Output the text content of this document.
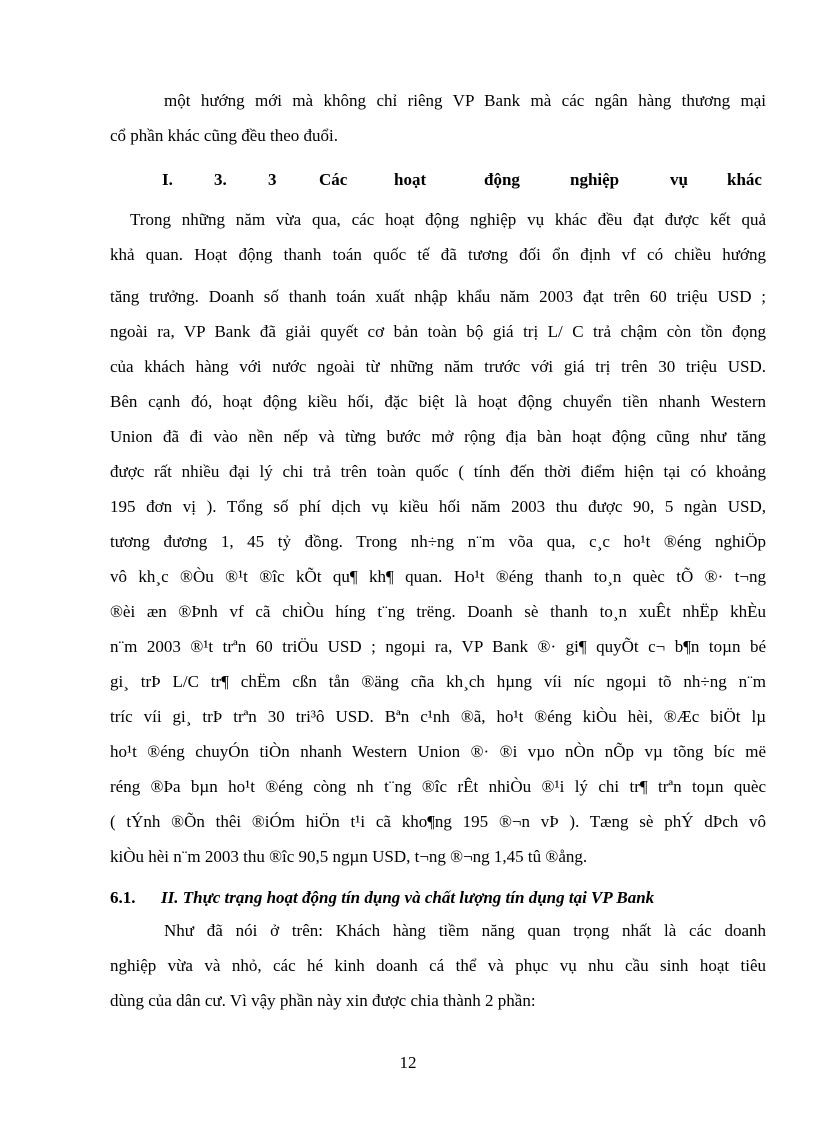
một hướng mới mà không chỉ riêng VP Bank mà các ngân hàng thương mại
cổ phần khác cũng đều theo đuổi.
I. 3. 3	Các	hoạt	động	nghiệp	vụ khác
Trong những năm vừa qua, các hoạt động nghiệp vụ khác đều đạt được kết quả
khả quan. Hoạt động thanh toán quốc tế đã tương đối ổn định vf có chiều hướng
tăng trưởng. Doanh số thanh toán xuất nhập khẩu năm 2003 đạt trên 60 triệu USD ;
ngoài ra, VP Bank đã giải quyết cơ bản toàn bộ giá trị L/ C trả chậm còn tồn đọng
của khách hàng với nước ngoài từ những năm trước với giá trị trên 30 triệu USD.
Bên cạnh đó, hoạt động kiều hối, đặc biệt là hoạt động chuyển tiền nhanh Western
Union đã đi vào nền nếp và từng bước mở rộng địa bàn hoạt động cũng như tăng
được rất nhiều đại lý chi trả trên toàn quốc ( tính đến thời điểm hiện tại có khoảng
195 đơn vị ). Tổng số phí dịch vụ kiều hối năm 2003 thu được 90, 5 ngàn USD,
tương đương 1, 45 tỷ đồng. Trong nh÷ng n¨m võa qua, c¸c ho¹t ®éng nghiÖp
vô kh¸c ®Òu ®¹t ®îc kÕt qu¶ kh¶ quan. Ho¹t ®éng thanh to¸n quèc tÕ ®· t¬ng
®èi æn ®Þnh vf cã chiÒu híng t¨ng trëng. Doanh sè thanh to¸n xuÊt nhËp khÈu
n¨m 2003 ®¹t trªn 60 triÖu USD ; ngoµi ra, VP Bank ®· gi¶ quyÕt c¬ b¶n toµn bé
gi¸ trÞ L/C tr¶ chËm cßn tån ®äng cña kh¸ch hµng víi níc ngoµi tõ nh÷ng n¨m
tríc víi gi¸ trÞ trªn 30 tri³ô USD. Bªn c¹nh ®ã, ho¹t ®éng kiÒu hèi, ®Æc biÖt lµ
ho¹t ®éng chuyÓn tiÒn nhanh Western Union ®· ®i vµo nÒn nÕp vµ tõng bíc më
réng ®Þa bµn ho¹t ®éng còng nh t¨ng ®îc rÊt nhiÒu ®¹i lý chi tr¶ trªn toµn quèc
( tÝnh ®Õn thêi ®iÓm hiÖn t¹i cã kho¶ng 195 ®¬n vÞ ). Tæng sè phÝ dÞch vô
kiÒu hèi n¨m 2003 thu ®îc 90,5 ngµn USD, t¬ng ®¬ng 1,45 tû ®ång.
6.1. II. Thực trạng hoạt động tín dụng và chất lượng tín dụng tại VP Bank
Như đã nói ở trên: Khách hàng tiềm năng quan trọng nhất là các doanh
nghiệp vừa và nhỏ, các hé kinh doanh cá thể và phục vụ nhu cầu sinh hoạt tiêu
dùng của dân cư. Vì vậy phần này xin được chia thành 2 phần:
12
